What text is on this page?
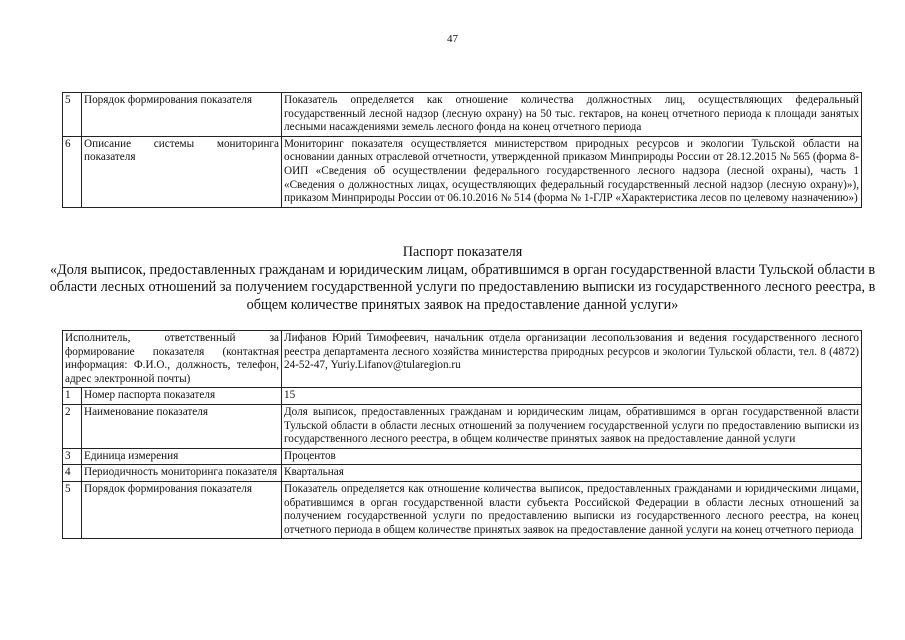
47
5	Порядок формирования показателя	Показатель определяется как отношение количества должностных лиц, осуществляющих федеральный государственный лесной надзор (лесную охрану) на 50 тыс. гектаров, на конец отчетного периода к площади занятых лесными насаждениями земель лесного фонда на конец отчетного периода
6	Описание системы мониторинга показателя	Мониторинг показателя осуществляется министерством природных ресурсов и экологии Тульской области на основании данных отраслевой отчетности, утвержденной приказом Минприроды России от 28.12.2015 № 565 (форма 8-ОИП «Сведения об осуществлении федерального государственного лесного надзора (лесной охраны), часть 1 «Сведения о должностных лицах, осуществляющих федеральный государственный лесной надзор (лесную охрану)»), приказом Минприроды России от 06.10.2016 № 514 (форма № 1-ГЛР «Характеристика лесов по целевому назначению»)
Паспорт показателя
«Доля выписок, предоставленных гражданам и юридическим лицам, обратившимся в орган государственной власти Тульской области в области лесных отношений за получением государственной услуги по предоставлению выписки из государственного лесного реестра, в общем количестве принятых заявок на предоставление данной услуги»
Исполнитель, ответственный за формирование показателя (контактная информация: Ф.И.О., должность, телефон, адрес электронной почты)		Лифанов Юрий Тимофеевич, начальник отдела организации лесопользования и ведения государственного лесного реестра департамента лесного хозяйства министерства природных ресурсов и экологии Тульской области, тел. 8 (4872) 24-52-47, Yuriy.Lifanov@tularegion.ru
1	Номер паспорта показателя	15
2	Наименование показателя	Доля выписок, предоставленных гражданам и юридическим лицам, обратившимся в орган государственной власти Тульской области в области лесных отношений за получением государственной услуги по предоставлению выписки из государственного лесного реестра, в общем количестве принятых заявок на предоставление данной услуги
3	Единица измерения	Процентов
4	Периодичность мониторинга показателя	Квартальная
5	Порядок формирования показателя	Показатель определяется как отношение количества выписок, предоставленных гражданами и юридическими лицами, обратившимся в орган государственной власти субъекта Российской Федерации в области лесных отношений за получением государственной услуги по предоставлению выписки из государственного лесного реестра, на конец отчетного периода в общем количестве принятых заявок на предоставление данной услуги на конец отчетного периода
